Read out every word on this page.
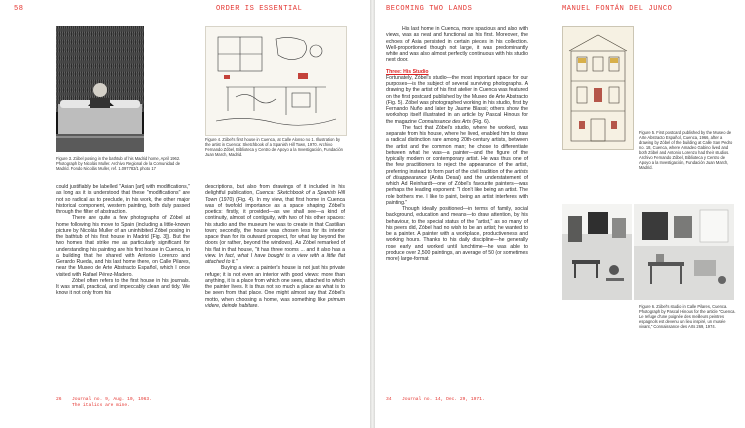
58	ORDER IS ESSENTIAL
Figure 3. Zóbel posing in the bathtub of his Madrid home, April 1962. Photograph by Nicolás Muller. Archivo Regional de la Comunidad de Madrid. Fondo Nicolás Muller, ref. 1.097783/1 photo 17
Figure 4. Zóbel's first house in Cuenca, at Calle Alonso no 1. Illustration by the artist in Cuenca: Sketchbook of a Spanish Hill Town, 1970. Archivo Fernando Zóbel, Biblioteca y Centro de Apoyo a la Investigación, Fundación Juan March, Madrid.

could justifiably be labelled "Asian [art] with modifications," as long as it is understood that these "modifications" are not so radical as to preclude, in his work, the other major historical component, western painting, both duly passed through the filter of abstraction.

There are quite a few photographs of Zóbel at home following his move to Spain (including a little-known picture by Nicolás Muller of an uninhibited Zóbel posing in the bathtub of his first house in Madrid [Fig. 3]). But the two homes that strike me as particularly significant for understanding his painting are his first house in Cuenca, in a building that he shared with Antonio Lorenzo and Gerardo Rueda, and his last home there, on Calle Pilares, near the Museo de Arte Abstracto Español, which I once visited with Rafael Pérez-Madero.

Zóbel often refers to the first house in his journals. It was small, practical, and impeccably clean and tidy. We know it not only from his

descriptions, but also from drawings of it included in his delightful publication, Cuenca: Sketchbook of a Spanish Hill Town (1970) (Fig. 4). In my view, that first home in Cuenca was of twofold importance as a space shaping Zóbel's poetics: firstly, it provided—as we shall see—a kind of continuity, almost of contiguity, with two of his other spaces: his studio and the museum he was to create in that Castilian town; secondly, the house was chosen less for its interior space than for its outward prospect, for what lay beyond the doors (or rather, beyond the windows). As Zóbel remarked of his flat in that house, "it has three rooms ... and it also has a view. In fact, what I have bought is a view with a little flat attached to it."

Buying a view: a painter's house is not just his private refuge; it is not even an interior with good views: more than anything, it is a place from which one sees, attached to which the painter lives. It is thus not so much a place as what is to be seen from that place. One might almost say that Zóbel's motto, when choosing a home, was something like primum videre, deinde habitare.

26 Journal no. 9, Aug. 10, 1963.
The italics are mine.
BECOMING TWO LANDS	MANUEL FONTÁN DEL JUNCO

His last home in Cuenca, more spacious and also with views, was as neat and functional as his first. Moreover, the echoes of Asia persisted in certain pieces in his collection. Well-proportioned though not large, it was predominantly white and was also almost perfectly continuous with his studio next door.

Three: His Studio

Fortunately, Zóbel's studio—the most important space for our purposes—is the subject of several surviving photographs. A drawing by the artist of his first atelier in Cuenca was featured on the first postcard published by the Museo de Arte Abstracto (Fig. 5). Zóbel was photographed working in his studio, first by Fernando Nuño and later by Jaume Blassi; others show the workshop itself illustrated in an article by Pascal Hinous for the magazine Connaissance des Arts (Fig. 6).

The fact that Zóbel's studio, where he worked, was separate from his house, where he lived, enabled him to draw a radical distinction rare among 20th-century artists, between the artist and the common man; he chose to differentiate between what he was—a painter—and the figure of the typically modern or contemporary artist. He was thus one of the few practitioners to reject the appearance of the artist, preferring instead to form part of the civil tradition of the artists of disappearance (Anita Desai) and the understatement of which Ad Reinhardt—one of Zóbel's favourite painters—was perhaps the leading exponent: "I don't like being an artist. The role bothers me. I like to paint, being an artist interferes with painting."

Though ideally positioned—in terms of family, social background, education and means—to draw attention, by his behaviour, to the special status of the "artist," as so many of his peers did, Zóbel had no wish to be an artist; he wanted to be a painter. A painter with a workplace, productiveness and working hours. Thanks to his daily discipline—he generally rose early and worked until lunchtime—he was able to produce over 2,500 paintings, an average of 50 (or sometimes more) large-format

Figure 5. First postcard published by the Museo de Arte Abstracto Español, Cuenca, 1966, after a drawing by Zóbel of the building at Calle San Pedro no. 18, Cuenca, where Amadeo Gabino lived and both Zóbel and Antonio Lorenzo had their studios. Archivo Fernando Zóbel, Biblioteca y Centro de Apoyo a la Investigación, Fundación Juan March, Madrid.
Figure 6. Zóbel's studio in Calle Pilares, Cuenca. Photograph by Pascal Hinous for the article "Cuenca. Le refuge d'une poignée des meilleurs peintres espagnols est devenu un lieu inspiré, un musée vivant," Connaissance des Arts 269, 1974.
34 Journal no. 14, Dec. 29, 1971.
